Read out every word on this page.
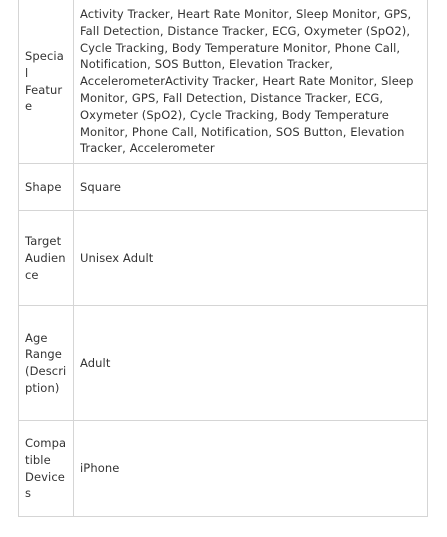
Special Feature	Activity Tracker, Heart Rate Monitor, Sleep Monitor, GPS, Fall Detection, Distance Tracker, ECG, Oxymeter (SpO2), Cycle Tracking, Body Temperature Monitor, Phone Call, Notification, SOS Button, Elevation Tracker, AccelerometerActivity Tracker, Heart Rate Monitor, Sleep Monitor, GPS, Fall Detection, Distance Tracker, ECG, Oxymeter (SpO2), Cycle Tracking, Body Temperature Monitor, Phone Call, Notification, SOS Button, Elevation Tracker, Accelerometer
Shape	Square
Target Audience	Unisex Adult
Age Range (Description)	Adult
Compatible Devices	iPhone
